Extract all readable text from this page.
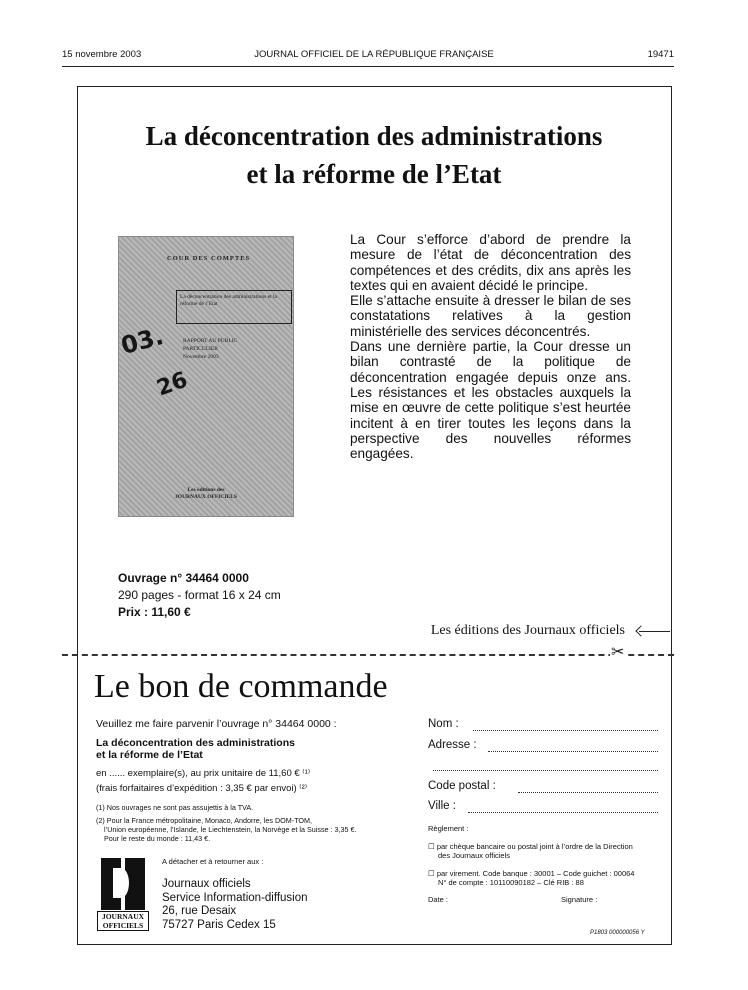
15 novembre 2003	JOURNAL OFFICIEL DE LA RÉPUBLIQUE FRANÇAISE	19471
La déconcentration des administrations
et la réforme de l’Etat
COUR DES COMPTES
La déconcentration des administrations et la réforme de l’Etat
RAPPORT AU PUBLIC
PARTICULIER
Novembre 2003
03.
26
Les éditions des
JOURNAUX OFFICIELS

La Cour s’efforce d’abord de prendre la mesure de l’état de déconcentration des compétences et des crédits, dix ans après les textes qui en avaient décidé le principe.

Elle s’attache ensuite à dresser le bilan de ses constatations relatives à la gestion ministérielle des services déconcentrés.

Dans une dernière partie, la Cour dresse un bilan contrasté de la politique de déconcentration engagée depuis onze ans. Les résistances et les obstacles auxquels la mise en œuvre de cette politique s’est heurtée incitent à en tirer toutes les leçons dans la perspective des nouvelles réformes engagées.

Ouvrage n° 34464 0000
290 pages - format 16 x 24 cm
Prix : 11,60 €
Les éditions des Journaux officiels
✂
Le bon de commande
Veuillez me faire parvenir l’ouvrage n° 34464 0000 :
La déconcentration des administrations
et la réforme de l’Etat
en ...... exemplaire(s), au prix unitaire de 11,60 € ⁽¹⁾
(frais forfaitaires d’expédition : 3,35 € par envoi) ⁽²⁾
(1) Nos ouvrages ne sont pas assujettis à la TVA.
(2) Pour la France métropolitaine, Monaco, Andorre, les DOM-TOM,
l’Union européenne, l’Islande, le Liechtenstein, la Norvège et la Suisse : 3,35 €.
Pour le reste du monde : 11,43 €.
JOURNAUX
OFFICIELS
A détacher et à retourner aux :
Journaux officiels
Service Information-diffusion
26, rue Desaix
75727 Paris Cedex 15
Nom :
Adresse :
Code postal :
Ville :
Règlement :
☐ par chèque bancaire ou postal joint à l’ordre de la Direction
des Journaux officiels
☐ par virement. Code banque : 30001 – Code guichet : 00064
N° de compte : 10110090182 – Clé RIB : 88
Date :	Signature :
P1803 000000056 Y
